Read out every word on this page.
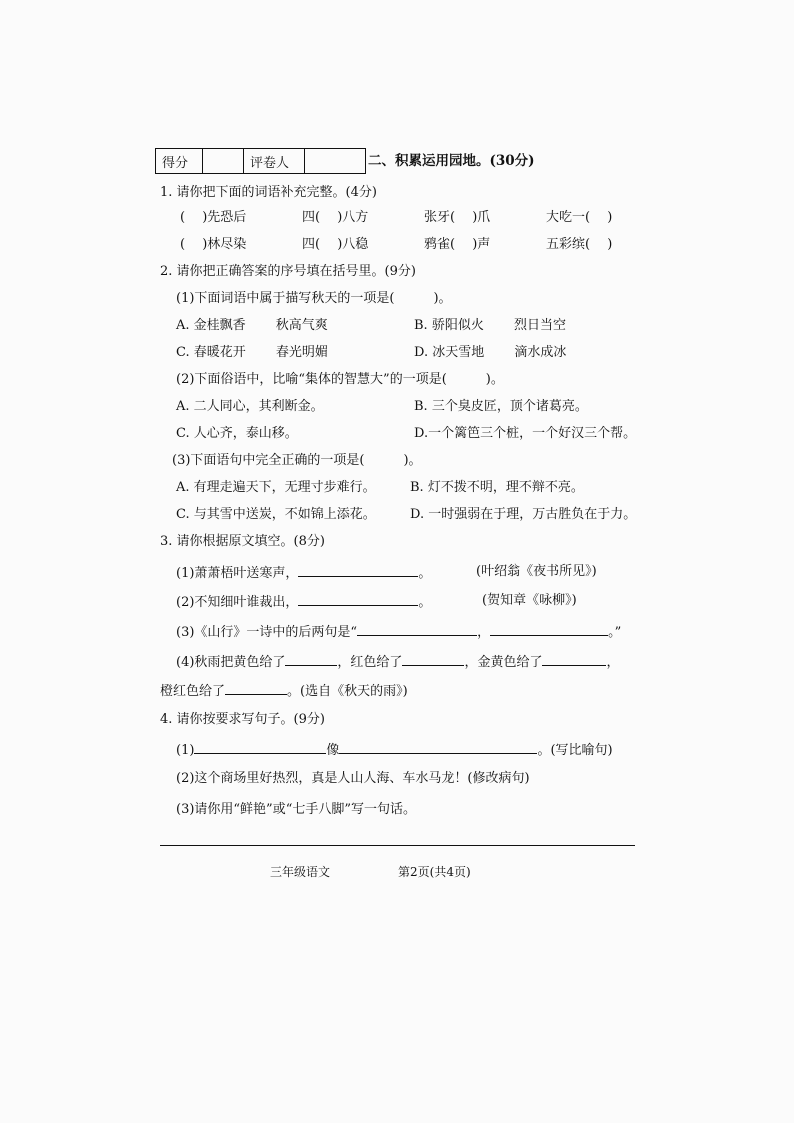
得分		评卷人		二、积累运用园地。(30分)
1. 请你把下面的词语补充完整。(4分)
(　 )先恐后	四(　 )八方	张牙(　 )爪	大吃一(　 )
(　 )林尽染	四(　 )八稳	鸦雀(　 )声	五彩缤(　 )
2. 请你把正确答案的序号填在括号里。(9分)
(1)下面词语中属于描写秋天的一项是(　　　)。
A. 金桂飘香　　 秋高气爽	B. 骄阳似火　　 烈日当空
C. 春暖花开　　 春光明媚	D. 冰天雪地　　 滴水成冰
(2)下面俗语中，比喻“集体的智慧大”的一项是(　　　)。
A. 二人同心，其利断金。	B. 三个臭皮匠，顶个诸葛亮。
C. 人心齐，泰山移。	D.一个篱笆三个桩，一个好汉三个帮。
(3)下面语句中完全正确的一项是(　　　)。
A. 有理走遍天下，无理寸步难行。	B. 灯不拨不明，理不辩不亮。
C. 与其雪中送炭，不如锦上添花。	D. 一时强弱在于理，万古胜负在于力。
3. 请你根据原文填空。(8分)
(1)萧萧梧叶送寒声，	。	(叶绍翁《夜书所见》)
(2)不知细叶谁裁出，	。	(贺知章《咏柳》)
(3)《山行》一诗中的后两句是“	，	。”
(4)秋雨把黄色给了	，红色给了	，金黄色给了	，
橙红色给了	。(选自《秋天的雨》)
4. 请你按要求写句子。(9分)
(1)	像	。(写比喻句)
(2)这个商场里好热烈，真是人山人海、车水马龙！(修改病句)
(3)请你用“鲜艳”或“七手八脚”写一句话。
三年级语文	第2页(共4页)
